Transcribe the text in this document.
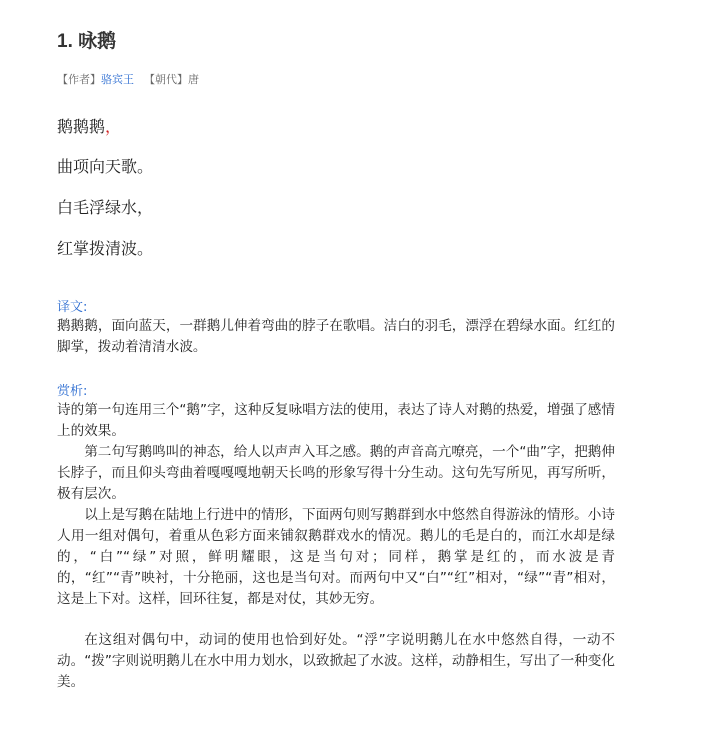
1. 咏鹅
【作者】骆宾王 【朝代】唐
鹅鹅鹅，
曲项向天歌。
白毛浮绿水，
红掌拨清波。
译文:
鹅鹅鹅，面向蓝天，一群鹅儿伸着弯曲的脖子在歌唱。洁白的羽毛，漂浮在碧绿水面。红红的脚掌，拨动着清清水波。
赏析:
诗的第一句连用三个“鹅”字，这种反复咏唱方法的使用，表达了诗人对鹅的热爱，增强了感情上的效果。
第二句写鹅鸣叫的神态，给人以声声入耳之感。鹅的声音高亢嘹亮，一个“曲”字，把鹅伸长脖子，而且仰头弯曲着嘎嘎嘎地朝天长鸣的形象写得十分生动。这句先写所见，再写所听，极有层次。
以上是写鹅在陆地上行进中的情形，下面两句则写鹅群到水中悠然自得游泳的情形。小诗人用一组对偶句，着重从色彩方面来铺叙鹅群戏水的情况。鹅儿的毛是白的，而江水却是绿的，“白”“绿”对照，鲜明耀眼，这是当句对；同样，鹅掌是红的，而水波是青的，“红”“青”映衬，十分艳丽，这也是当句对。而两句中又“白”“红”相对，“绿”“青”相对，这是上下对。这样，回环往复，都是对仗，其妙无穷。
在这组对偶句中，动词的使用也恰到好处。“浮”字说明鹅儿在水中悠然自得，一动不动。“拨”字则说明鹅儿在水中用力划水，以致掀起了水波。这样，动静相生，写出了一种变化美。
